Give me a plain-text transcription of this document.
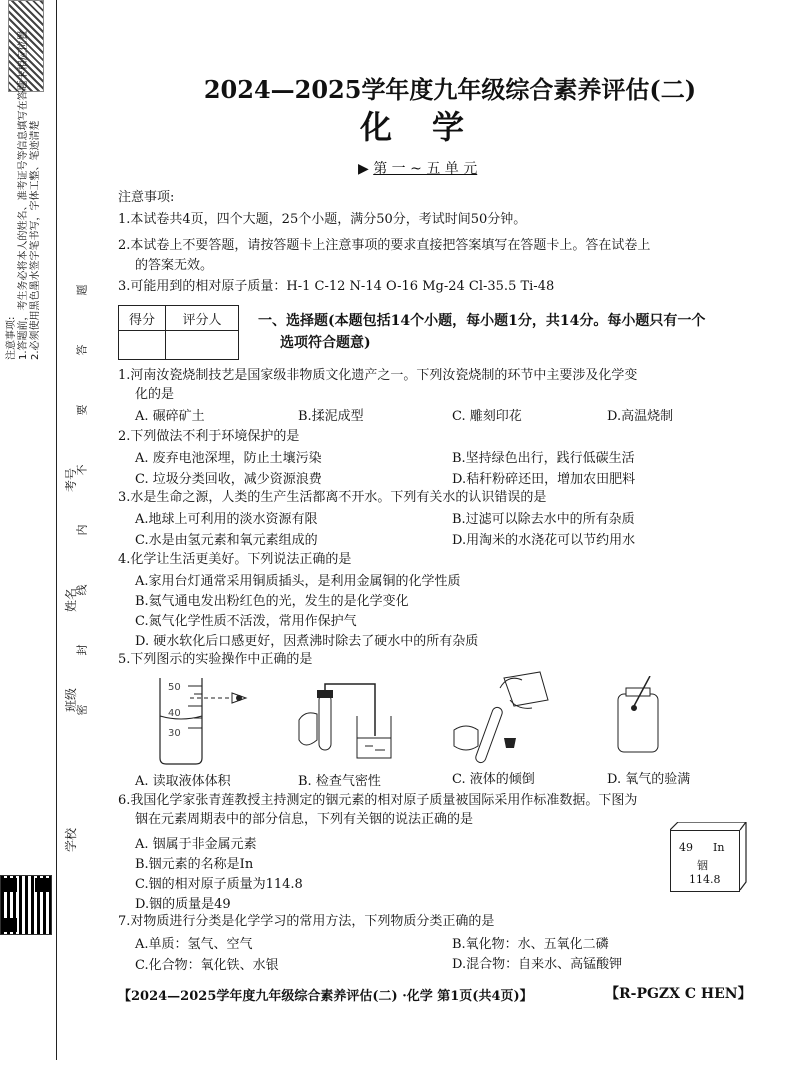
注意事项: 1.答题前，考生务必将本人的姓名、准考证号等信息填写在答题卡相应位置 2.必须使用黑色墨水签字笔书写，字体工整、笔迹清楚
考号
姓名
班级
学校
题
答
要
不
内
线
封
密
2024—2025学年度九年级综合素养评估(二)
化学
▶ 第 一 ~ 五 单 元
注意事项:
1.本试卷共4页，四个大题，25个小题，满分50分，考试时间50分钟。
2.本试卷上不要答题，请按答题卡上注意事项的要求直接把答案填写在答题卡上。答在试卷上
的答案无效。
3.可能用到的相对原子质量：H-1 C-12 N-14 O-16 Mg-24 Cl-35.5 Ti-48
得分	评分人
		一、选择题(本题包括14个小题，每小题1分，共14分。每小题只有一个
选项符合题意)
1.河南汝瓷烧制技艺是国家级非物质文化遗产之一。下列汝瓷烧制的环节中主要涉及化学变
化的是
A. 碾碎矿土	B.揉泥成型	C. 雕刻印花	D.高温烧制
2.下列做法不利于环境保护的是
A. 废弃电池深埋，防止土壤污染	B.坚持绿色出行，践行低碳生活
C. 垃圾分类回收，减少资源浪费	D.秸秆粉碎还田，增加农田肥料
3.水是生命之源，人类的生产生活都离不开水。下列有关水的认识错误的是
A.地球上可利用的淡水资源有限	B.过滤可以除去水中的所有杂质
C.水是由氢元素和氧元素组成的	D.用淘米的水浇花可以节约用水
4.化学让生活更美好。下列说法正确的是
A.家用台灯通常采用铜质插头，是利用金属铜的化学性质
B.氦气通电发出粉红色的光，发生的是化学变化
C.氮气化学性质不活泼，常用作保护气
D. 硬水软化后口感更好，因煮沸时除去了硬水中的所有杂质
5.下列图示的实验操作中正确的是
50
40
30
A. 读取液体体积	B. 检查气密性	C. 液体的倾倒	D. 氧气的验满
6.我国化学家张青莲教授主持测定的铟元素的相对原子质量被国际采用作标准数据。下图为
铟在元素周期表中的部分信息，下列有关铟的说法正确的是
A. 铟属于非金属元素
B.铟元素的名称是In
C.铟的相对原子质量为114.8
D.铟的质量是49
49 In
铟
114.8
7.对物质进行分类是化学学习的常用方法，下列物质分类正确的是
A.单质：氢气、空气	B.氧化物：水、五氧化二磷
C.化合物：氧化铁、水银	D.混合物：自来水、高锰酸钾
【2024—2025学年度九年级综合素养评估(二) ·化学 第1页(共4页)】	【R-PGZX C HEN】
